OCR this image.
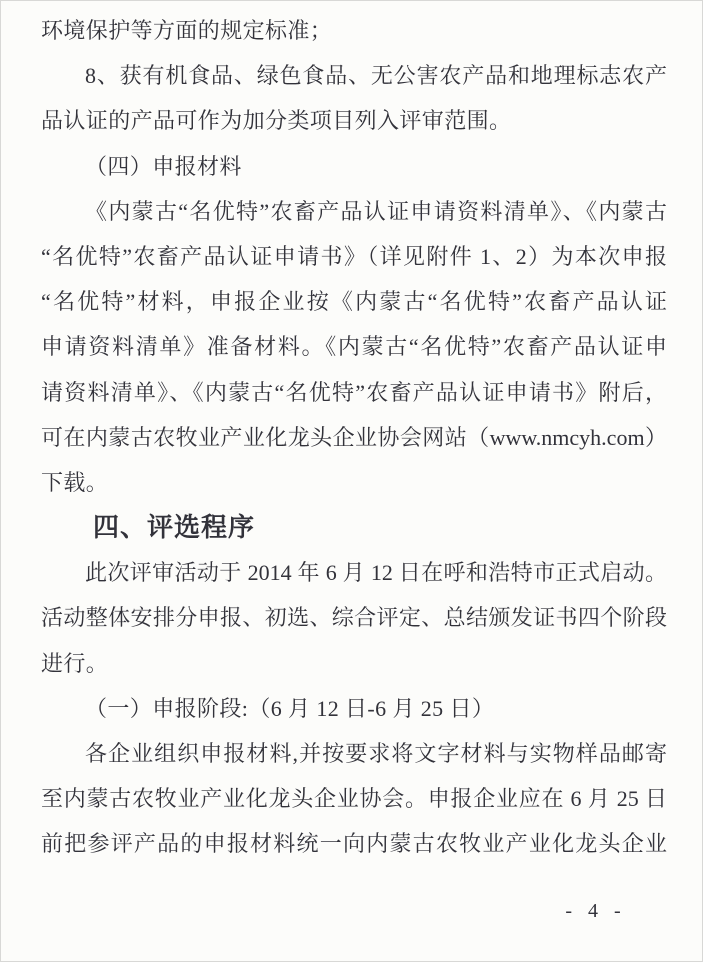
环境保护等方面的规定标准；
8、获有机食品、绿色食品、无公害农产品和地理标志农产
品认证的产品可作为加分类项目列入评审范围。
（四）申报材料
《内蒙古“名优特”农畜产品认证申请资料清单》、《内蒙古
“名优特”农畜产品认证申请书》（详见附件 1、2）为本次申报
“名优特”材料，申报企业按《内蒙古“名优特”农畜产品认证
申请资料清单》准备材料。《内蒙古“名优特”农畜产品认证申
请资料清单》、《内蒙古“名优特”农畜产品认证申请书》附后，
可在内蒙古农牧业产业化龙头企业协会网站（www.nmcyh.com）
下载。
四、评选程序
此次评审活动于 2014 年 6 月 12 日在呼和浩特市正式启动。
活动整体安排分申报、初选、综合评定、总结颁发证书四个阶段
进行。
（一）申报阶段:（6 月 12 日-6 月 25 日）
各企业组织申报材料,并按要求将文字材料与实物样品邮寄
至内蒙古农牧业产业化龙头企业协会。申报企业应在 6 月 25 日
前把参评产品的申报材料统一向内蒙古农牧业产业化龙头企业
- 4 -
